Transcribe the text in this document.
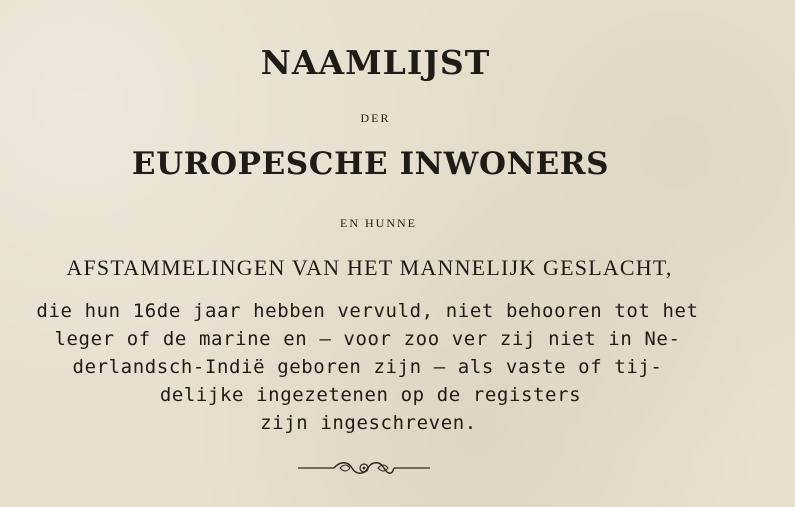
NAAMLIJST
DER
EUROPESCHE INWONERS
EN HUNNE
AFSTAMMELINGEN VAN HET MANNELIJK GESLACHT,
die hun 16de jaar hebben vervuld, niet behooren tot het
leger of de marine en — voor zoo ver zij niet in Ne-
derlandsch-Indië geboren zijn — als vaste of tij-
delijke ingezetenen op de registers
zijn ingeschreven.
